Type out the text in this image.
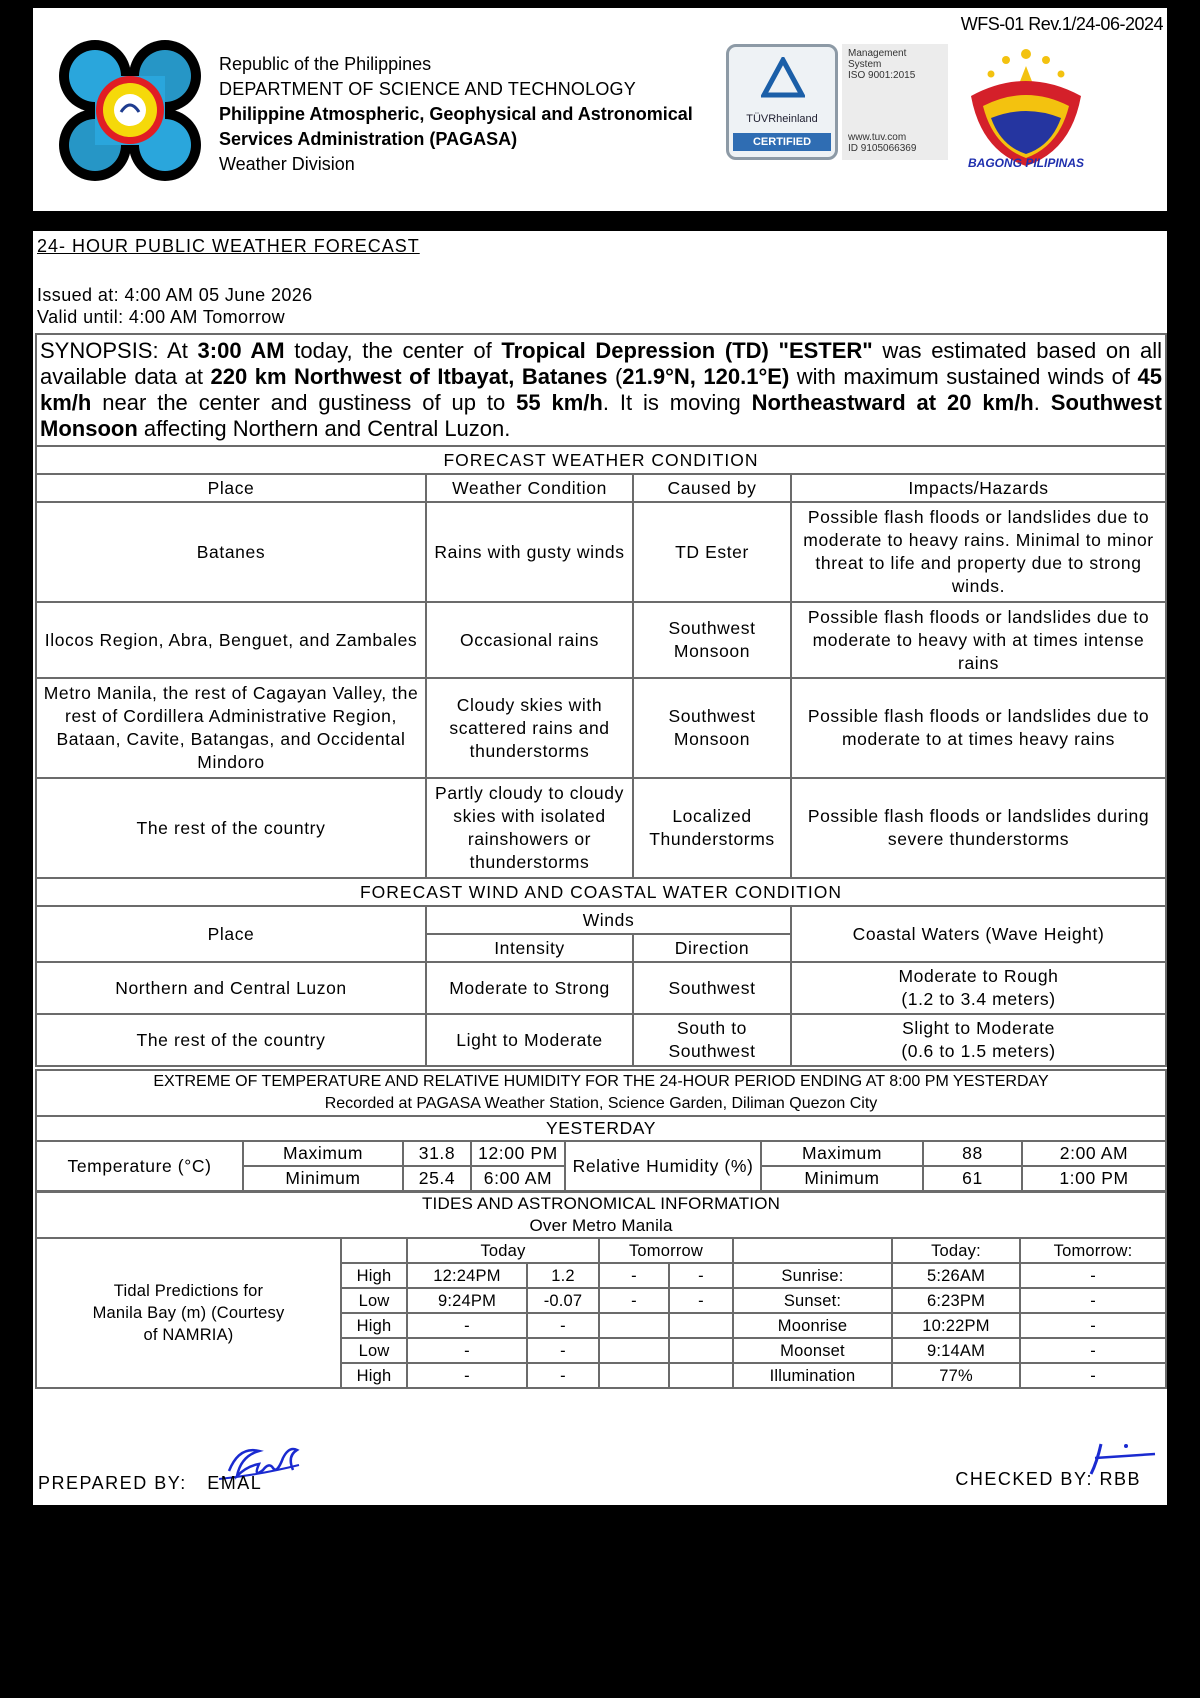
WFS-01 Rev.1/24-06-2024
Republic of the Philippines
DEPARTMENT OF SCIENCE AND TECHNOLOGY
Philippine Atmospheric, Geophysical and Astronomical
Services Administration (PAGASA)
Weather Division
TÜVRheinland
CERTIFIED
Management
System
ISO 9001:2015
www.tuv.com
ID 9105066369
BAGONG PILIPINAS
24- HOUR PUBLIC WEATHER FORECAST
Issued at: 4:00 AM 05 June 2026
Valid until: 4:00 AM Tomorrow
SYNOPSIS: At 3:00 AM today, the center of Tropical Depression (TD) "ESTER" was estimated based on all available data at 220 km Northwest of Itbayat, Batanes (21.9°N, 120.1°E) with maximum sustained winds of 45 km/h near the center and gustiness of up to 55 km/h. It is moving Northeastward at 20 km/h. Southwest Monsoon affecting Northern and Central Luzon.			
FORECAST WEATHER CONDITION			
Place	Weather Condition	Caused by	Impacts/Hazards
Batanes	Rains with gusty winds	TD Ester	Possible flash floods or landslides due to moderate to heavy rains. Minimal to minor threat to life and property due to strong winds.
Ilocos Region, Abra, Benguet, and Zambales	Occasional rains	Southwest Monsoon	Possible flash floods or landslides due to moderate to heavy with at times intense rains
Metro Manila, the rest of Cagayan Valley, the rest of Cordillera Administrative Region, Bataan, Cavite, Batangas, and Occidental Mindoro	Cloudy skies with scattered rains and thunderstorms	Southwest Monsoon	Possible flash floods or landslides due to moderate to at times heavy rains
The rest of the country	Partly cloudy to cloudy skies with isolated rainshowers or thunderstorms	Localized Thunderstorms	Possible flash floods or landslides during severe thunderstorms
FORECAST WIND AND COASTAL WATER CONDITION			
Place	Winds		Coastal Waters (Wave Height)
	Intensity	Direction	
Northern and Central Luzon	Moderate to Strong	Southwest	Moderate to Rough
(1.2 to 3.4 meters)

The rest of the country	Light to Moderate	South to Southwest	Slight to Moderate
(0.6 to 1.5 meters)
EXTREME OF TEMPERATURE AND RELATIVE HUMIDITY FOR THE 24-HOUR PERIOD ENDING AT 8:00 PM YESTERDAY
Recorded at PAGASA Weather Station, Science Garden, Diliman Quezon City							

YESTERDAY							
Temperature (°C)	Maximum	31.8	12:00 PM	Relative Humidity (%)	Maximum	88	2:00 AM
	Minimum	25.4	6:00 AM		Minimum	61	1:00 PM
TIDES AND ASTRONOMICAL INFORMATION
Over Metro Manila								

Tidal Predictions for Manila Bay (m) (Courtesy of NAMRIA)		Today		Tomorrow			Today:	Tomorrow:
	High	12:24PM	1.2	-	-	Sunrise:	5:26AM	-
	Low	9:24PM	-0.07	-	-	Sunset:	6:23PM	-
	High	-	-			Moonrise	10:22PM	-
	Low	-	-			Moonset	9:14AM	-
	High	-	-			Illumination	77%	-
PREPARED BY: EMAL	CHECKED BY: RBB
